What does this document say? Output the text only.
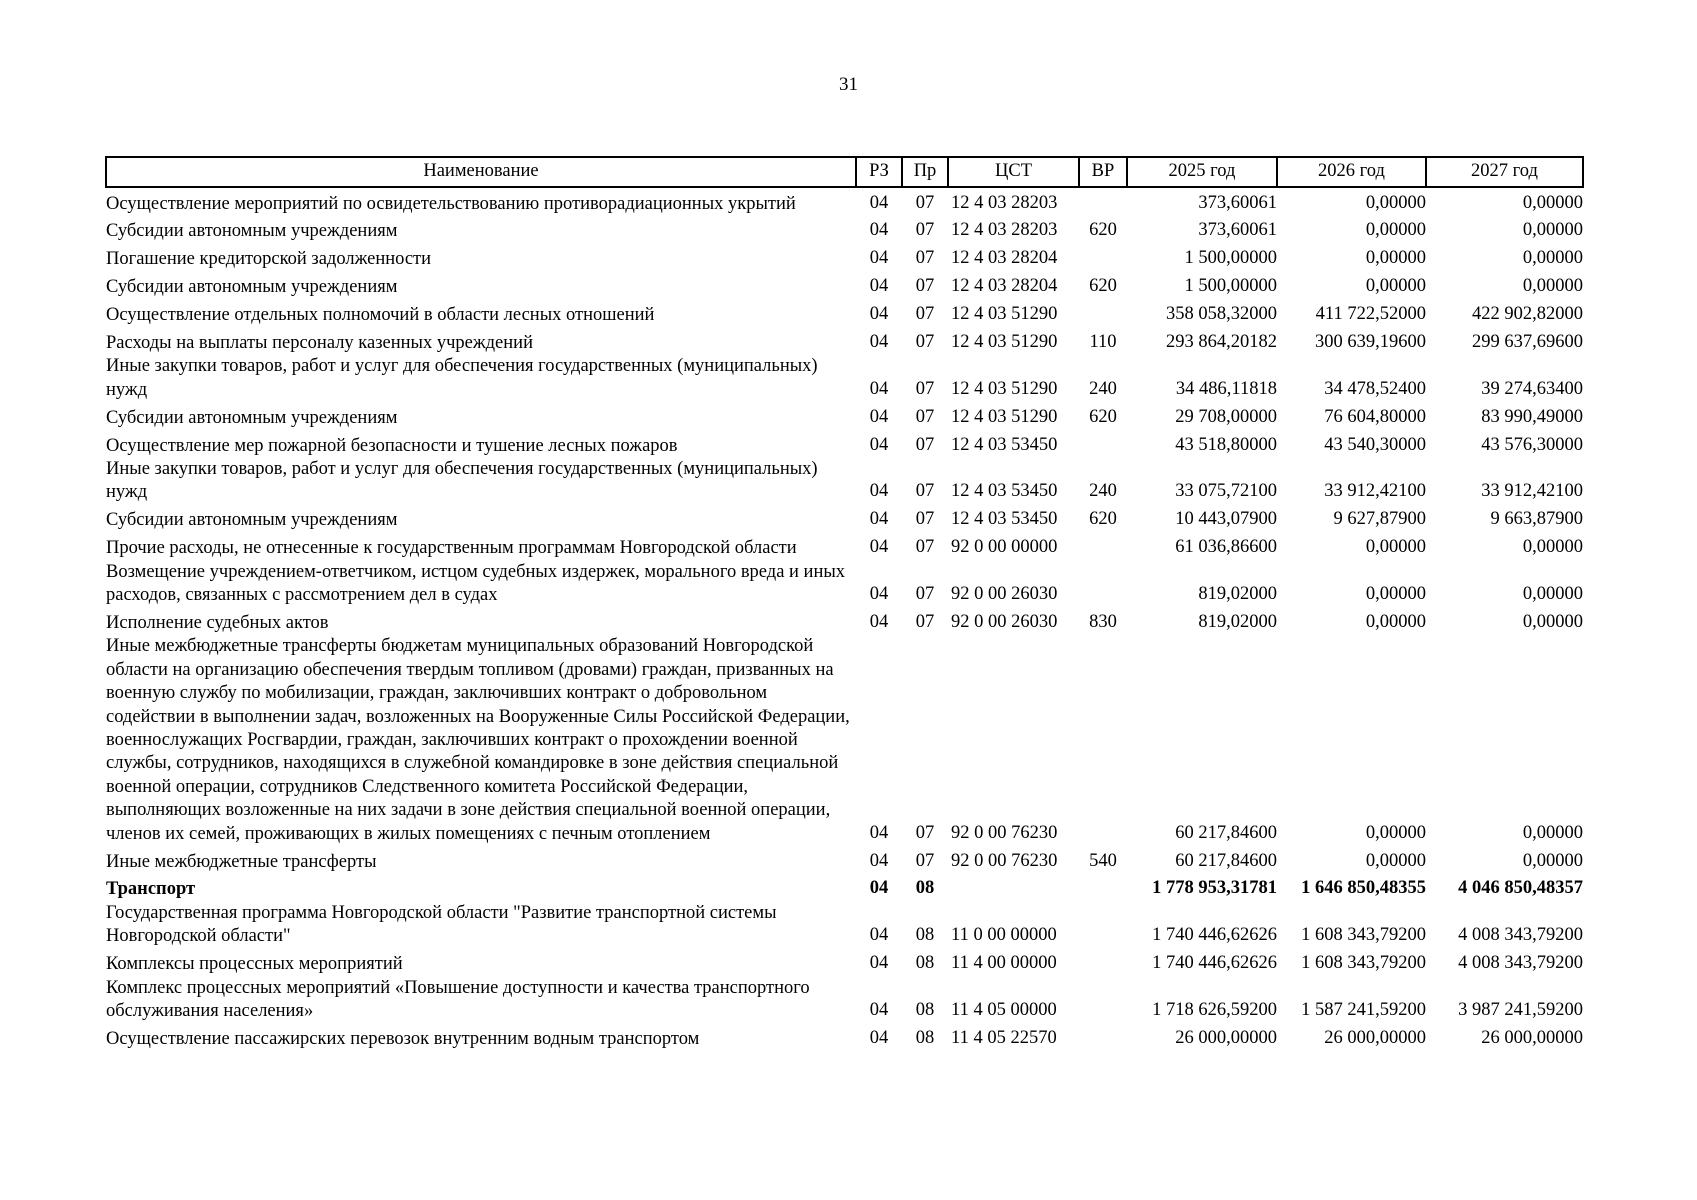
31
Наименование	РЗ	Пр	ЦСТ	ВР	2025 год	2026 год	2027 год
Осуществление мероприятий по освидетельствованию противорадиационных укрытий	04	07	12 4 03 28203		373,60061	0,00000	0,00000
Субсидии автономным учреждениям	04	07	12 4 03 28203	620	373,60061	0,00000	0,00000
Погашение кредиторской задолженности	04	07	12 4 03 28204		1 500,00000	0,00000	0,00000
Субсидии автономным учреждениям	04	07	12 4 03 28204	620	1 500,00000	0,00000	0,00000
Осуществление отдельных полномочий в области лесных отношений	04	07	12 4 03 51290		358 058,32000	411 722,52000	422 902,82000
Расходы на выплаты персоналу казенных учреждений	04	07	12 4 03 51290	110	293 864,20182	300 639,19600	299 637,69600
Иные закупки товаров, работ и услуг для обеспечения государственных (муниципальных) нужд	04	07	12 4 03 51290	240	34 486,11818	34 478,52400	39 274,63400
Субсидии автономным учреждениям	04	07	12 4 03 51290	620	29 708,00000	76 604,80000	83 990,49000
Осуществление мер пожарной безопасности и тушение лесных пожаров	04	07	12 4 03 53450		43 518,80000	43 540,30000	43 576,30000
Иные закупки товаров, работ и услуг для обеспечения государственных (муниципальных) нужд	04	07	12 4 03 53450	240	33 075,72100	33 912,42100	33 912,42100
Субсидии автономным учреждениям	04	07	12 4 03 53450	620	10 443,07900	9 627,87900	9 663,87900
Прочие расходы, не отнесенные к государственным программам Новгородской области	04	07	92 0 00 00000		61 036,86600	0,00000	0,00000
Возмещение учреждением-ответчиком, истцом судебных издержек, морального вреда и иных расходов, связанных с рассмотрением дел в судах	04	07	92 0 00 26030		819,02000	0,00000	0,00000
Исполнение судебных актов	04	07	92 0 00 26030	830	819,02000	0,00000	0,00000
Иные межбюджетные трансферты бюджетам муниципальных образований Новгородской области на организацию обеспечения твердым топливом (дровами) граждан, призванных на военную службу по мобилизации, граждан, заключивших контракт о добровольном содействии в выполнении задач, возложенных на Вооруженные Силы Российской Федерации, военнослужащих Росгвардии, граждан, заключивших контракт о прохождении военной службы, сотрудников, находящихся в служебной командировке в зоне действия специальной военной операции, сотрудников Следственного комитета Российской Федерации, выполняющих возложенные на них задачи в зоне действия специальной военной операции, членов их семей, проживающих в жилых помещениях с печным отоплением	04	07	92 0 00 76230		60 217,84600	0,00000	0,00000
Иные межбюджетные трансферты	04	07	92 0 00 76230	540	60 217,84600	0,00000	0,00000
Транспорт	04	08			1 778 953,31781	1 646 850,48355	4 046 850,48357
Государственная программа Новгородской области "Развитие транспортной системы Новгородской области"	04	08	11 0 00 00000		1 740 446,62626	1 608 343,79200	4 008 343,79200
Комплексы процессных мероприятий	04	08	11 4 00 00000		1 740 446,62626	1 608 343,79200	4 008 343,79200
Комплекс процессных мероприятий «Повышение доступности и качества транспортного обслуживания населения»	04	08	11 4 05 00000		1 718 626,59200	1 587 241,59200	3 987 241,59200
Осуществление пассажирских перевозок внутренним водным транспортом	04	08	11 4 05 22570		26 000,00000	26 000,00000	26 000,00000
